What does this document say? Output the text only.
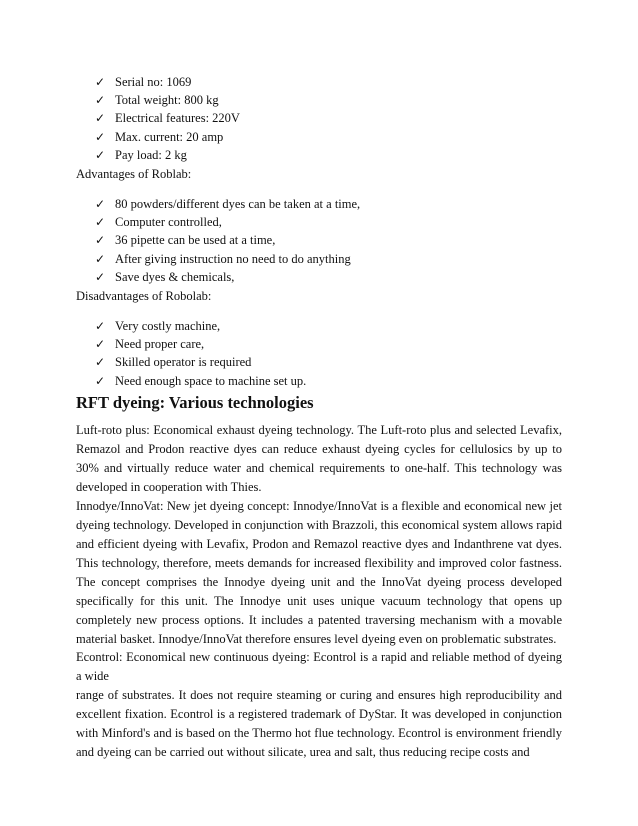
✓ Serial no: 1069
✓ Total weight: 800 kg
✓ Electrical features: 220V
✓ Max. current: 20 amp
✓ Pay load: 2 kg
Advantages of Roblab:
✓ 80 powders/different dyes can be taken at a time,
✓ Computer controlled,
✓ 36 pipette can be used at a time,
✓ After giving instruction no need to do anything
✓ Save dyes & chemicals,
Disadvantages of Robolab:
✓ Very costly machine,
✓ Need proper care,
✓ Skilled operator is required
✓ Need enough space to machine set up.
RFT dyeing: Various technologies

Luft-roto plus: Economical exhaust dyeing technology. The Luft-roto plus and selected Levafix, Remazol and Prodon reactive dyes can reduce exhaust dyeing cycles for cellulosics by up to 30% and virtually reduce water and chemical requirements to one-half. This technology was developed in cooperation with Thies.

Innodye/InnoVat: New jet dyeing concept: Innodye/InnoVat is a flexible and economical new jet dyeing technology. Developed in conjunction with Brazzoli, this economical system allows rapid and efficient dyeing with Levafix, Prodon and Remazol reactive dyes and Indanthrene vat dyes. This technology, therefore, meets demands for increased flexibility and improved color fastness. The concept comprises the Innodye dyeing unit and the InnoVat dyeing process developed specifically for this unit. The Innodye unit uses unique vacuum technology that opens up completely new process options. It includes a patented traversing mechanism with a movable material basket. Innodye/InnoVat therefore ensures level dyeing even on problematic substrates.

Econtrol: Economical new continuous dyeing: Econtrol is a rapid and reliable method of dyeing a wide

range of substrates. It does not require steaming or curing and ensures high reproducibility and excellent fixation. Econtrol is a registered trademark of DyStar. It was developed in conjunction with Minford's and is based on the Thermo hot flue technology. Econtrol is environment friendly and dyeing can be carried out without silicate, urea and salt, thus reducing recipe costs and
